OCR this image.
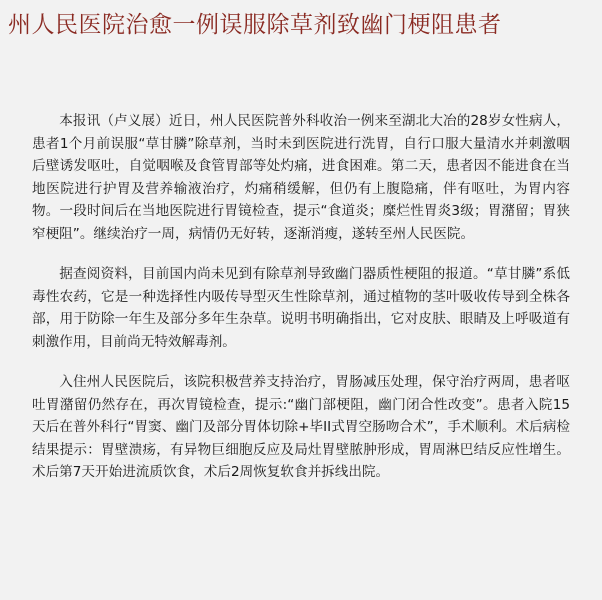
州人民医院治愈一例误服除草剂致幽门梗阻患者

本报讯（卢义展）近日，州人民医院普外科收治一例来至湖北大冶的28岁女性病人，患者1个月前误服“草甘膦”除草剂，当时未到医院进行洗胃，自行口服大量清水并刺激咽后壁诱发呕吐，自觉咽喉及食管胃部等处灼痛，进食困难。第二天，患者因不能进食在当地医院进行护胃及营养输液治疗，灼痛稍缓解，但仍有上腹隐痛，伴有呕吐，为胃内容物。一段时间后在当地医院进行胃镜检查，提示“食道炎；糜烂性胃炎3级；胃潴留；胃狭窄梗阻”。继续治疗一周，病情仍无好转，逐渐消瘦，遂转至州人民医院。

据查阅资料，目前国内尚未见到有除草剂导致幽门器质性梗阻的报道。“草甘膦”系低毒性农药，它是一种选择性内吸传导型灭生性除草剂，通过植物的茎叶吸收传导到全株各部，用于防除一年生及部分多年生杂草。说明书明确指出，它对皮肤、眼睛及上呼吸道有刺激作用，目前尚无特效解毒剂。

入住州人民医院后，该院积极营养支持治疗，胃肠减压处理，保守治疗两周，患者呕吐胃潴留仍然存在，再次胃镜检查，提示:“幽门部梗阻，幽门闭合性改变”。患者入院15天后在普外科行“胃窦、幽门及部分胃体切除+毕II式胃空肠吻合术”，手术顺利。术后病检结果提示：胃壁溃疡，有异物巨细胞反应及局灶胃壁脓肿形成，胃周淋巴结反应性增生。术后第7天开始进流质饮食，术后2周恢复软食并拆线出院。
